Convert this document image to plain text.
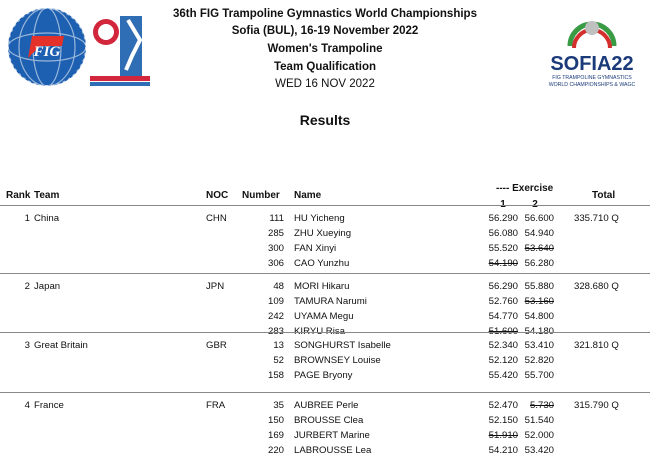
FIG
SOFIA22
FIG TRAMPOLINE GYMNASTICS
WORLD CHAMPIONSHIPS & WAGC
36th FIG Trampoline Gymnastics World Championships
Sofia (BUL), 16-19 November 2022
Women's Trampoline
Team Qualification
WED 16 NOV 2022
Results
Rank Team	NOC Number Name
---- Exercise
1	2
Total
1 China	CHN	335.710 Q
111 HU Yicheng	56.290 56.600
285 ZHU Xueying	56.080 54.940
300 FAN Xinyi	55.520 53.640
306 CAO Yunzhu	54.190 56.280
2 Japan	JPN	328.680 Q
48 MORI Hikaru	56.290 55.880
109 TAMURA Narumi	52.760 53.160
242 UYAMA Megu	54.770 54.800
283 KIRYU Risa	51.600 54.180
3 Great Britain	GBR	321.810 Q
13 SONGHURST Isabelle	52.340 53.410
52 BROWNSEY Louise	52.120 52.820
158 PAGE Bryony	55.420 55.700
4 France	FRA	315.790 Q
35 AUBREE Perle	52.470	5.730
150 BROUSSE Clea	52.150 51.540
169 JURBERT Marine	51.910 52.000
220 LABROUSSE Lea	54.210 53.420
